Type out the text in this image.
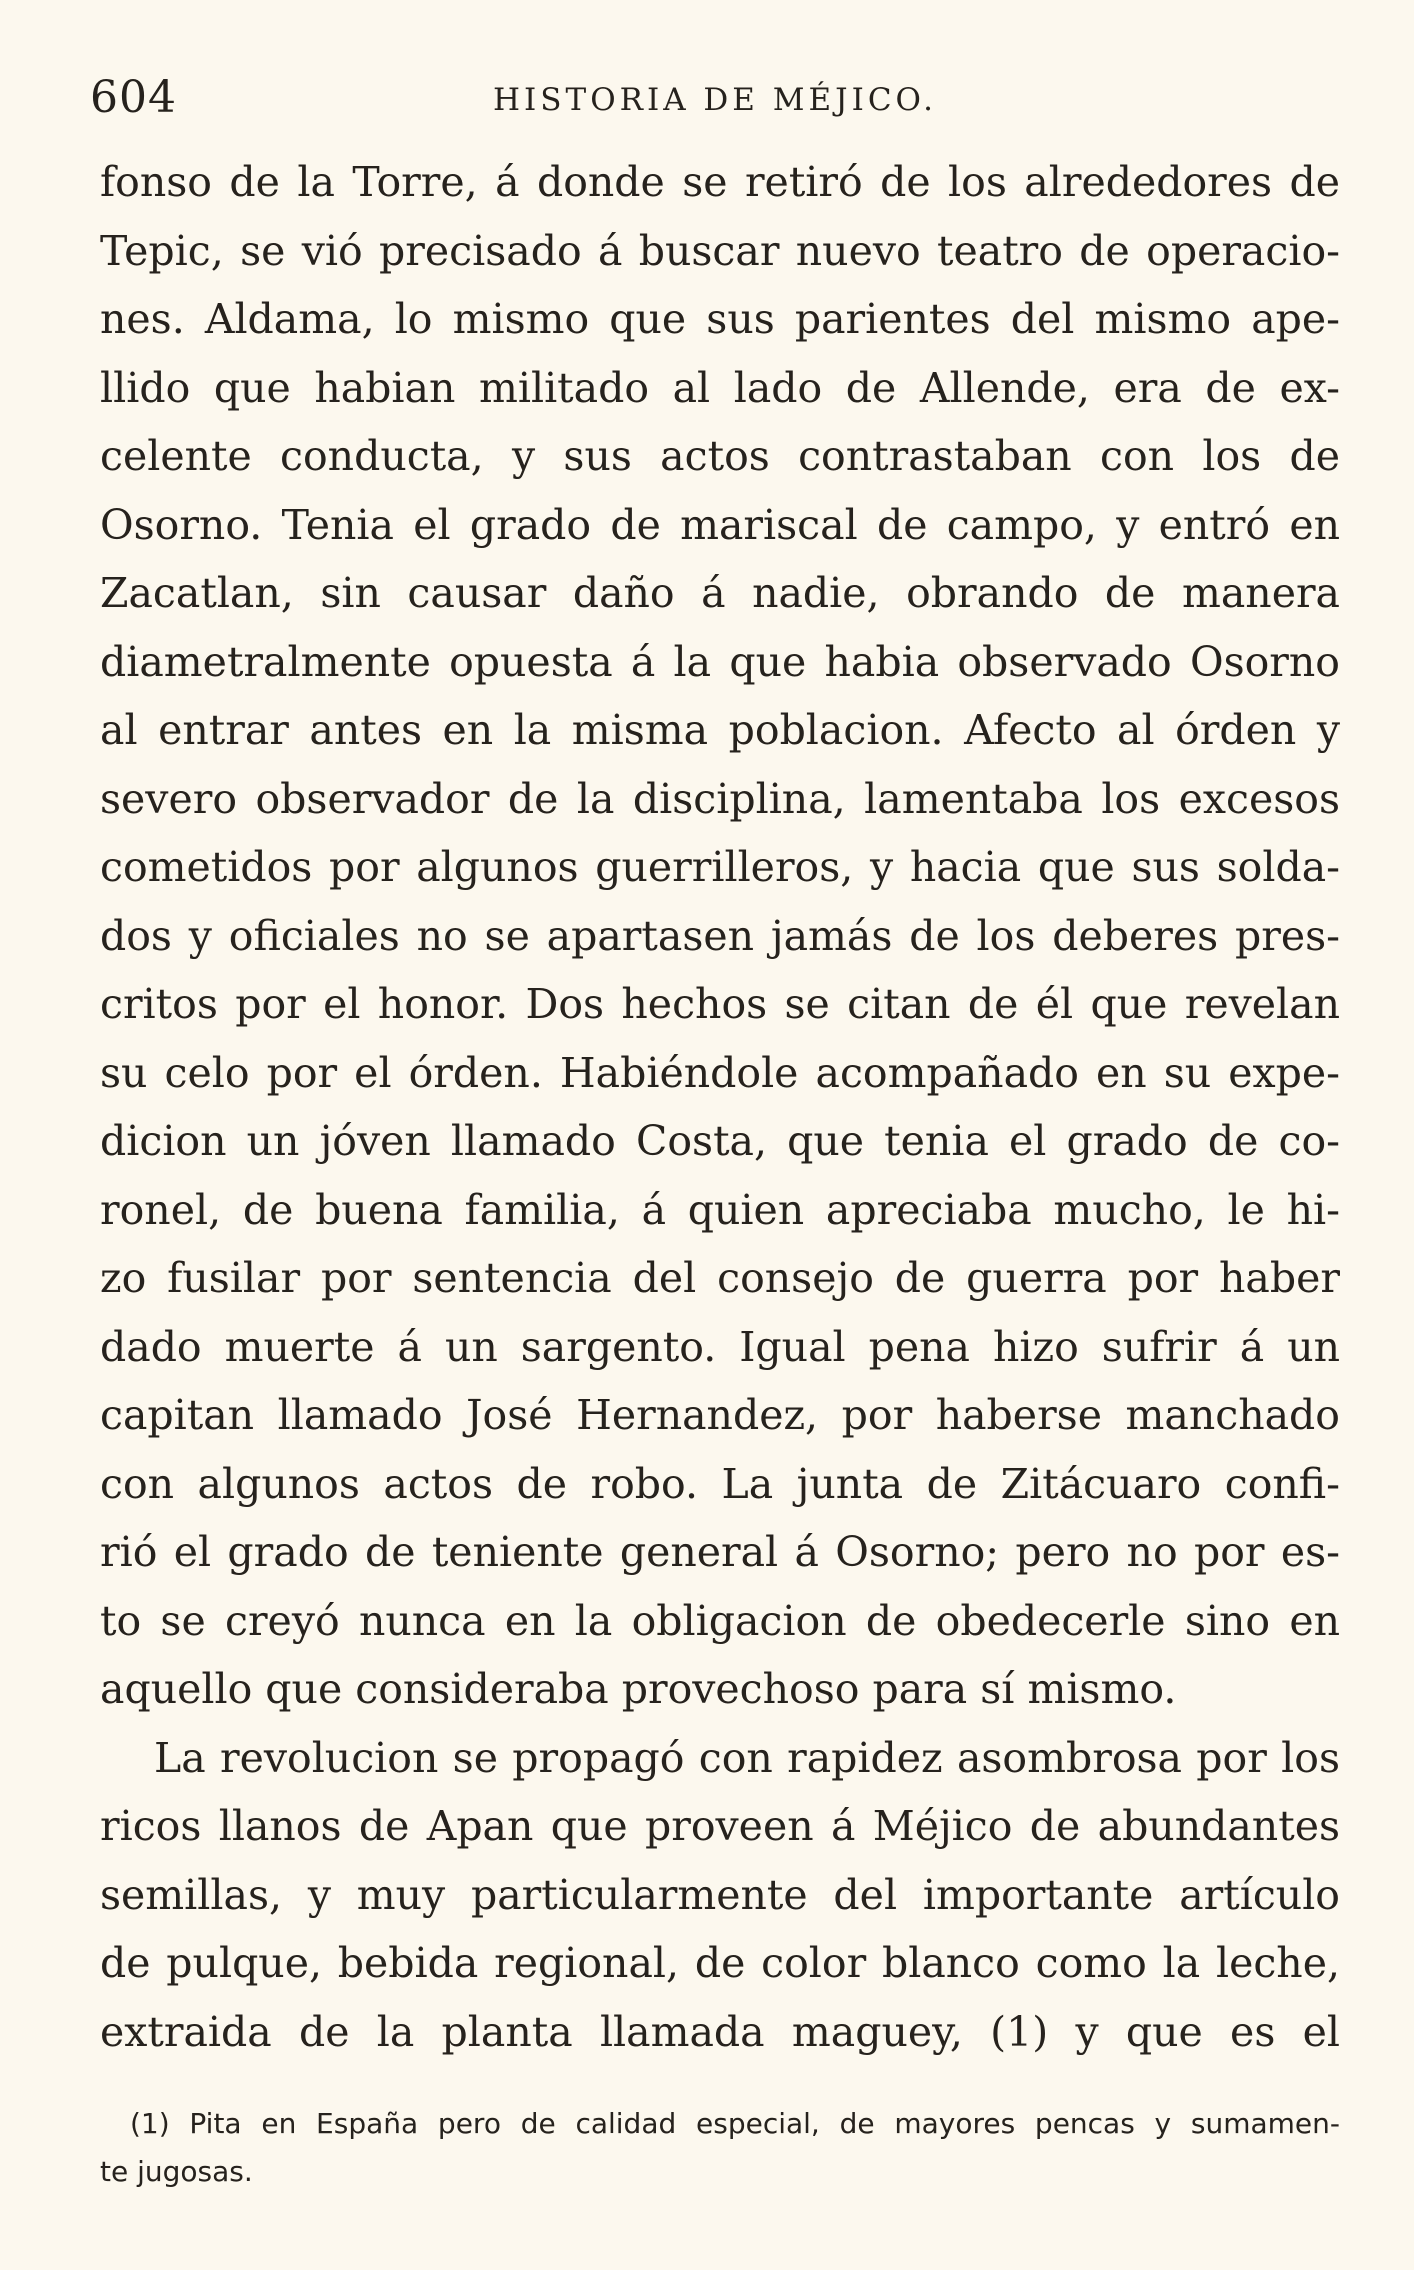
604	HISTORIA DE MÉJICO.
fonso de la Torre, á donde se retiró de los alrededores de
Tepic, se vió precisado á buscar nuevo teatro de operacio-
nes. Aldama, lo mismo que sus parientes del mismo ape-
llido que habian militado al lado de Allende, era de ex-
celente conducta, y sus actos contrastaban con los de
Osorno. Tenia el grado de mariscal de campo, y entró en
Zacatlan, sin causar daño á nadie, obrando de manera
diametralmente opuesta á la que habia observado Osorno
al entrar antes en la misma poblacion. Afecto al órden y
severo observador de la disciplina, lamentaba los excesos
cometidos por algunos guerrilleros, y hacia que sus solda-
dos y oficiales no se apartasen jamás de los deberes pres-
critos por el honor. Dos hechos se citan de él que revelan
su celo por el órden. Habiéndole acompañado en su expe-
dicion un jóven llamado Costa, que tenia el grado de co-
ronel, de buena familia, á quien apreciaba mucho, le hi-
zo fusilar por sentencia del consejo de guerra por haber
dado muerte á un sargento. Igual pena hizo sufrir á un
capitan llamado José Hernandez, por haberse manchado
con algunos actos de robo. La junta de Zitácuaro confi-
rió el grado de teniente general á Osorno; pero no por es-
to se creyó nunca en la obligacion de obedecerle sino en
aquello que consideraba provechoso para sí mismo.
La revolucion se propagó con rapidez asombrosa por los
ricos llanos de Apan que proveen á Méjico de abundantes
semillas, y muy particularmente del importante artículo
de pulque, bebida regional, de color blanco como la leche,
extraida de la planta llamada maguey, (1) y que es el
(1) Pita en España pero de calidad especial, de mayores pencas y sumamen-
te jugosas.
